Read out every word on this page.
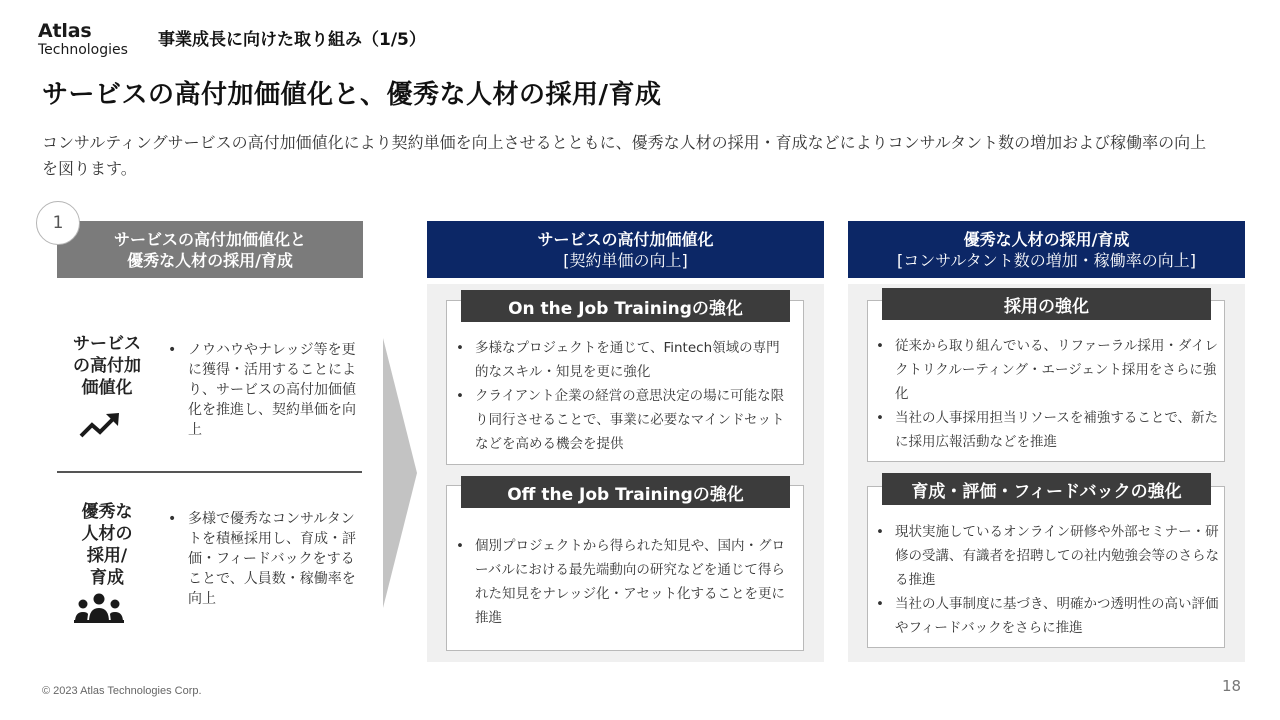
Atlas
Technologies 事業成長に向けた取り組み（1/5）
サービスの高付加価値化と、優秀な人材の採用/育成
コンサルティングサービスの高付加価値化により契約単価を向上させるとともに、優秀な人材の採用・育成などによりコンサルタント数の増加および稼働率の向上を図ります。
1
サービスの高付加価値化と
優秀な人材の採用/育成
サービス
の高付加
価値化
• ノウハウやナレッジ等を更に獲得・活用することにより、サービスの高付加価値化を推進し、契約単価を向上
優秀な
人材の
採用/
育成
• 多様で優秀なコンサルタントを積極採用し、育成・評価・フィードバックをすることで、人員数・稼働率を向上
サービスの高付加価値化
[契約単価の向上]
On the Job Trainingの強化
• 多様なプロジェクトを通じて、Fintech領域の専門的なスキル・知見を更に強化
• クライアント企業の経営の意思決定の場に可能な限り同行させることで、事業に必要なマインドセットなどを高める機会を提供
Off the Job Trainingの強化
• 個別プロジェクトから得られた知見や、国内・グローバルにおける最先端動向の研究などを通じて得られた知見をナレッジ化・アセット化することを更に推進
優秀な人材の採用/育成
[コンサルタント数の増加・稼働率の向上]
採用の強化
• 従来から取り組んでいる、リファーラル採用・ダイレクトリクルーティング・エージェント採用をさらに強化
• 当社の人事採用担当リソースを補強することで、新たに採用広報活動などを推進
育成・評価・フィードバックの強化
• 現状実施しているオンライン研修や外部セミナー・研修の受講、有識者を招聘しての社内勉強会等のさらなる推進
• 当社の人事制度に基づき、明確かつ透明性の高い評価やフィードバックをさらに推進
© 2023 Atlas Technologies Corp.	18
